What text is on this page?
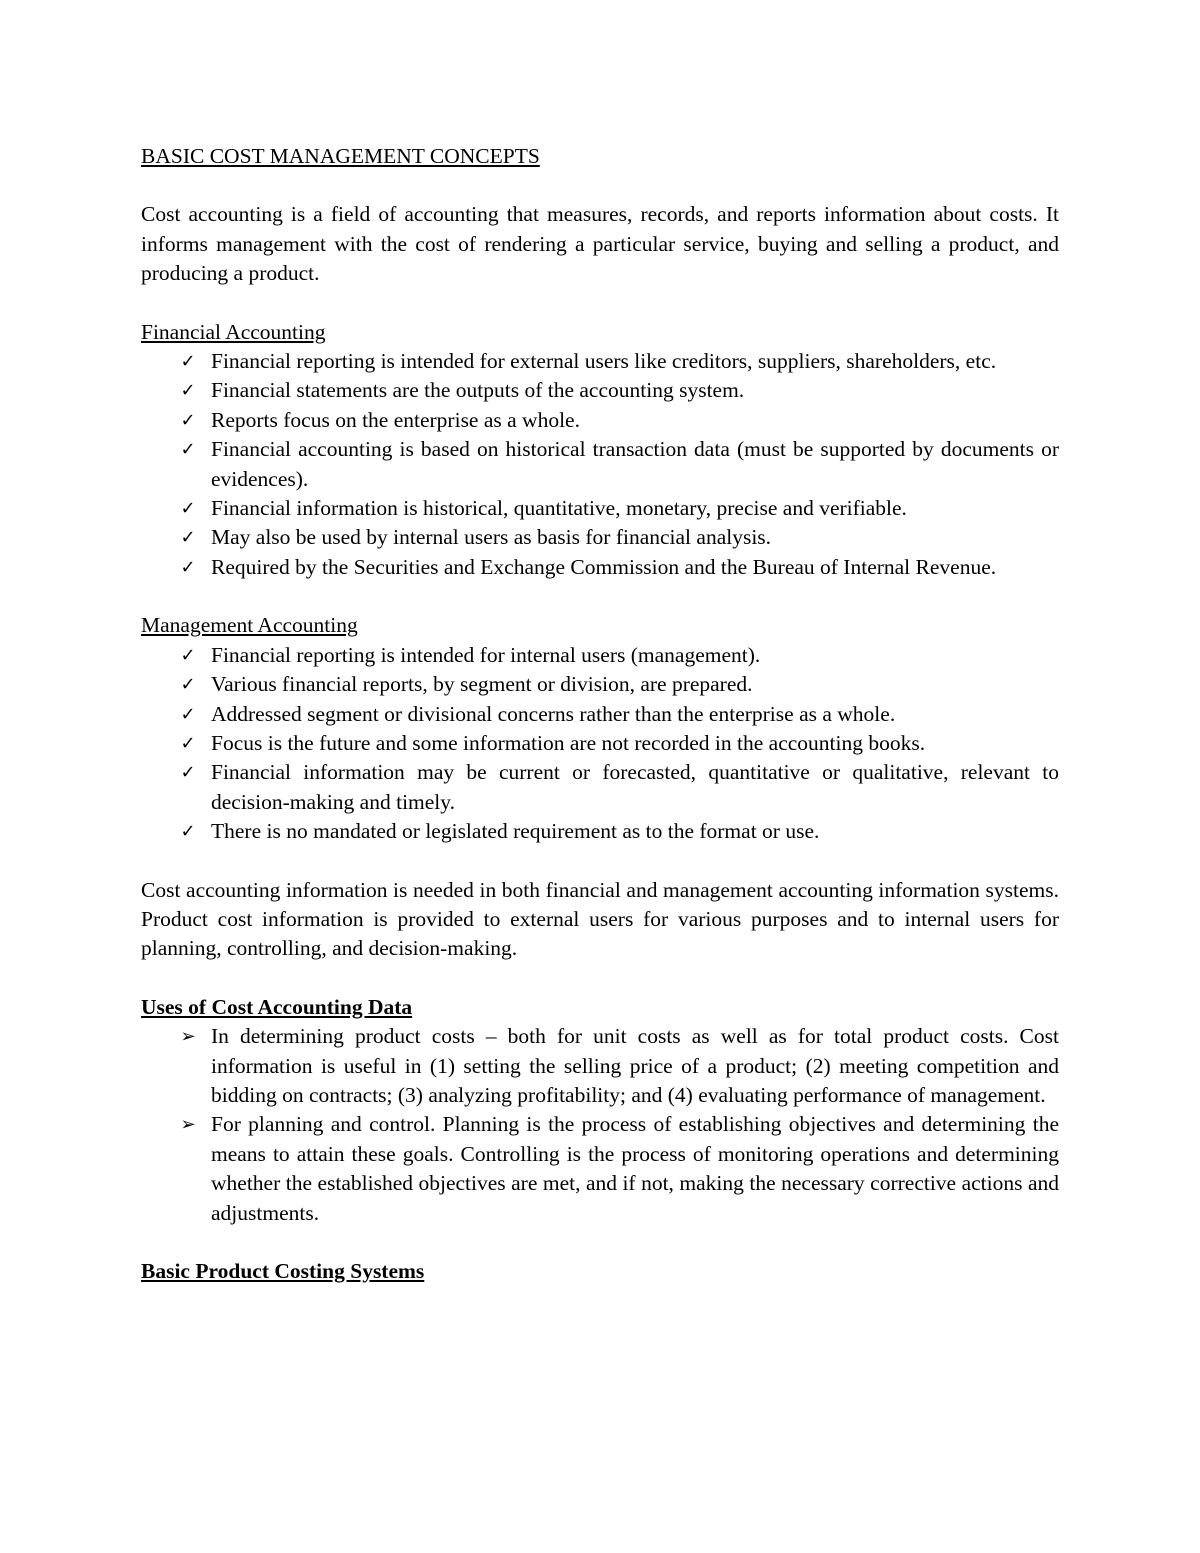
BASIC COST MANAGEMENT CONCEPTS
Cost accounting is a field of accounting that measures, records, and reports information about costs. It informs management with the cost of rendering a particular service, buying and selling a product, and producing a product.
Financial Accounting
✓ Financial reporting is intended for external users like creditors, suppliers, shareholders, etc.
✓ Financial statements are the outputs of the accounting system.
✓ Reports focus on the enterprise as a whole.
✓ Financial accounting is based on historical transaction data (must be supported by documents or evidences).
✓ Financial information is historical, quantitative, monetary, precise and verifiable.
✓ May also be used by internal users as basis for financial analysis.
✓ Required by the Securities and Exchange Commission and the Bureau of Internal Revenue.
Management Accounting
✓ Financial reporting is intended for internal users (management).
✓ Various financial reports, by segment or division, are prepared.
✓ Addressed segment or divisional concerns rather than the enterprise as a whole.
✓ Focus is the future and some information are not recorded in the accounting books.
✓ Financial information may be current or forecasted, quantitative or qualitative, relevant to decision-making and timely.
✓ There is no mandated or legislated requirement as to the format or use.
Cost accounting information is needed in both financial and management accounting information systems. Product cost information is provided to external users for various purposes and to internal users for planning, controlling, and decision-making.
Uses of Cost Accounting Data
➢ In determining product costs – both for unit costs as well as for total product costs. Cost information is useful in (1) setting the selling price of a product; (2) meeting competition and bidding on contracts; (3) analyzing profitability; and (4) evaluating performance of management.
➢ For planning and control. Planning is the process of establishing objectives and determining the means to attain these goals. Controlling is the process of monitoring operations and determining whether the established objectives are met, and if not, making the necessary corrective actions and adjustments.
Basic Product Costing Systems
